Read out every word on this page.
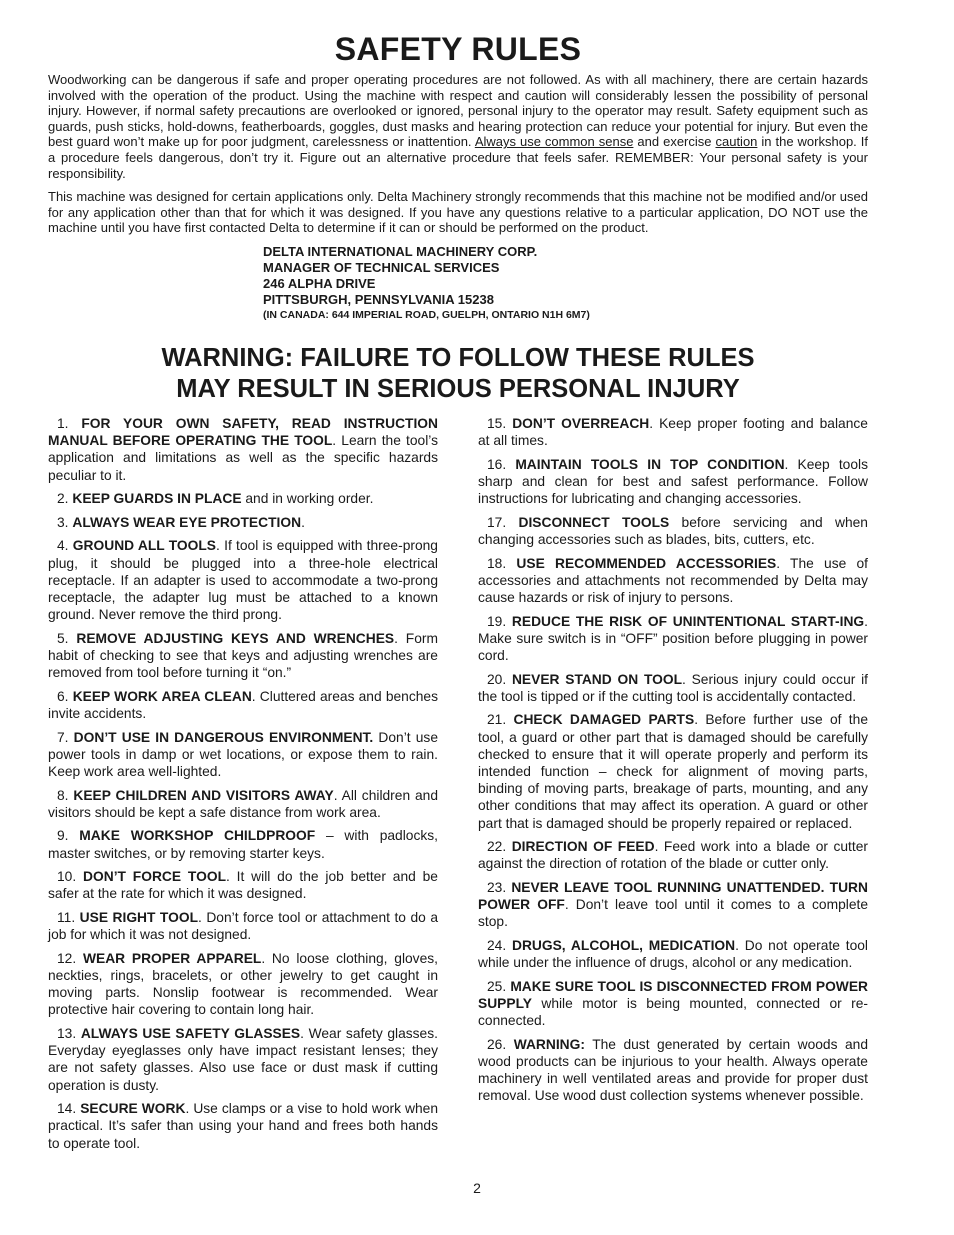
SAFETY RULES

Woodworking can be dangerous if safe and proper operating procedures are not followed. As with all machinery, there are certain hazards involved with the operation of the product. Using the machine with respect and caution will considerably lessen the possibility of personal injury. However, if normal safety precautions are overlooked or ignored, personal injury to the operator may result. Safety equipment such as guards, push sticks, hold-downs, featherboards, goggles, dust masks and hearing protection can reduce your potential for injury. But even the best guard won’t make up for poor judgment, carelessness or inattention. Always use common sense and exercise caution in the workshop. If a procedure feels dangerous, don’t try it. Figure out an alternative procedure that feels safer. REMEMBER: Your personal safety is your responsibility.

This machine was designed for certain applications only. Delta Machinery strongly recommends that this machine not be modified and/or used for any application other than that for which it was designed. If you have any questions relative to a particular application, DO NOT use the machine until you have first contacted Delta to determine if it can or should be performed on the product.

DELTA INTERNATIONAL MACHINERY CORP.
MANAGER OF TECHNICAL SERVICES
246 ALPHA DRIVE
PITTSBURGH, PENNSYLVANIA 15238
(IN CANADA: 644 IMPERIAL ROAD, GUELPH, ONTARIO N1H 6M7)
WARNING: FAILURE TO FOLLOW THESE RULES
MAY RESULT IN SERIOUS PERSONAL INJURY

1. FOR YOUR OWN SAFETY, READ INSTRUCTION MANUAL BEFORE OPERATING THE TOOL. Learn the tool’s application and limitations as well as the specific hazards peculiar to it.

2. KEEP GUARDS IN PLACE and in working order.

3. ALWAYS WEAR EYE PROTECTION.

4. GROUND ALL TOOLS. If tool is equipped with three-prong plug, it should be plugged into a three-hole electrical receptacle. If an adapter is used to accommodate a two-prong receptacle, the adapter lug must be attached to a known ground. Never remove the third prong.

5. REMOVE ADJUSTING KEYS AND WRENCHES. Form habit of checking to see that keys and adjusting wrenches are removed from tool before turning it “on.”

6. KEEP WORK AREA CLEAN. Cluttered areas and benches invite accidents.

7. DON’T USE IN DANGEROUS ENVIRONMENT. Don’t use power tools in damp or wet locations, or expose them to rain. Keep work area well-lighted.

8. KEEP CHILDREN AND VISITORS AWAY. All children and visitors should be kept a safe distance from work area.

9. MAKE WORKSHOP CHILDPROOF – with padlocks, master switches, or by removing starter keys.

10. DON’T FORCE TOOL. It will do the job better and be safer at the rate for which it was designed.

11. USE RIGHT TOOL. Don’t force tool or attachment to do a job for which it was not designed.

12. WEAR PROPER APPAREL. No loose clothing, gloves, neckties, rings, bracelets, or other jewelry to get caught in moving parts. Nonslip footwear is recommended. Wear protective hair covering to contain long hair.

13. ALWAYS USE SAFETY GLASSES. Wear safety glasses. Everyday eyeglasses only have impact resistant lenses; they are not safety glasses. Also use face or dust mask if cutting operation is dusty.

14. SECURE WORK. Use clamps or a vise to hold work when practical. It’s safer than using your hand and frees both hands to operate tool.

15. DON’T OVERREACH. Keep proper footing and balance at all times.

16. MAINTAIN TOOLS IN TOP CONDITION. Keep tools sharp and clean for best and safest performance. Follow instructions for lubricating and changing accessories.

17. DISCONNECT TOOLS before servicing and when changing accessories such as blades, bits, cutters, etc.

18. USE RECOMMENDED ACCESSORIES. The use of accessories and attachments not recommended by Delta may cause hazards or risk of injury to persons.

19. REDUCE THE RISK OF UNINTENTIONAL START-ING. Make sure switch is in “OFF” position before plugging in power cord.

20. NEVER STAND ON TOOL. Serious injury could occur if the tool is tipped or if the cutting tool is accidentally contacted.

21. CHECK DAMAGED PARTS. Before further use of the tool, a guard or other part that is damaged should be carefully checked to ensure that it will operate properly and perform its intended function – check for alignment of moving parts, binding of moving parts, breakage of parts, mounting, and any other conditions that may affect its operation. A guard or other part that is damaged should be properly repaired or replaced.

22. DIRECTION OF FEED. Feed work into a blade or cutter against the direction of rotation of the blade or cutter only.

23. NEVER LEAVE TOOL RUNNING UNATTENDED. TURN POWER OFF. Don’t leave tool until it comes to a complete stop.

24. DRUGS, ALCOHOL, MEDICATION. Do not operate tool while under the influence of drugs, alcohol or any medication.

25. MAKE SURE TOOL IS DISCONNECTED FROM POWER SUPPLY while motor is being mounted, connected or re-connected.

26. WARNING: The dust generated by certain woods and wood products can be injurious to your health. Always operate machinery in well ventilated areas and provide for proper dust removal. Use wood dust collection systems whenever possible.

2
